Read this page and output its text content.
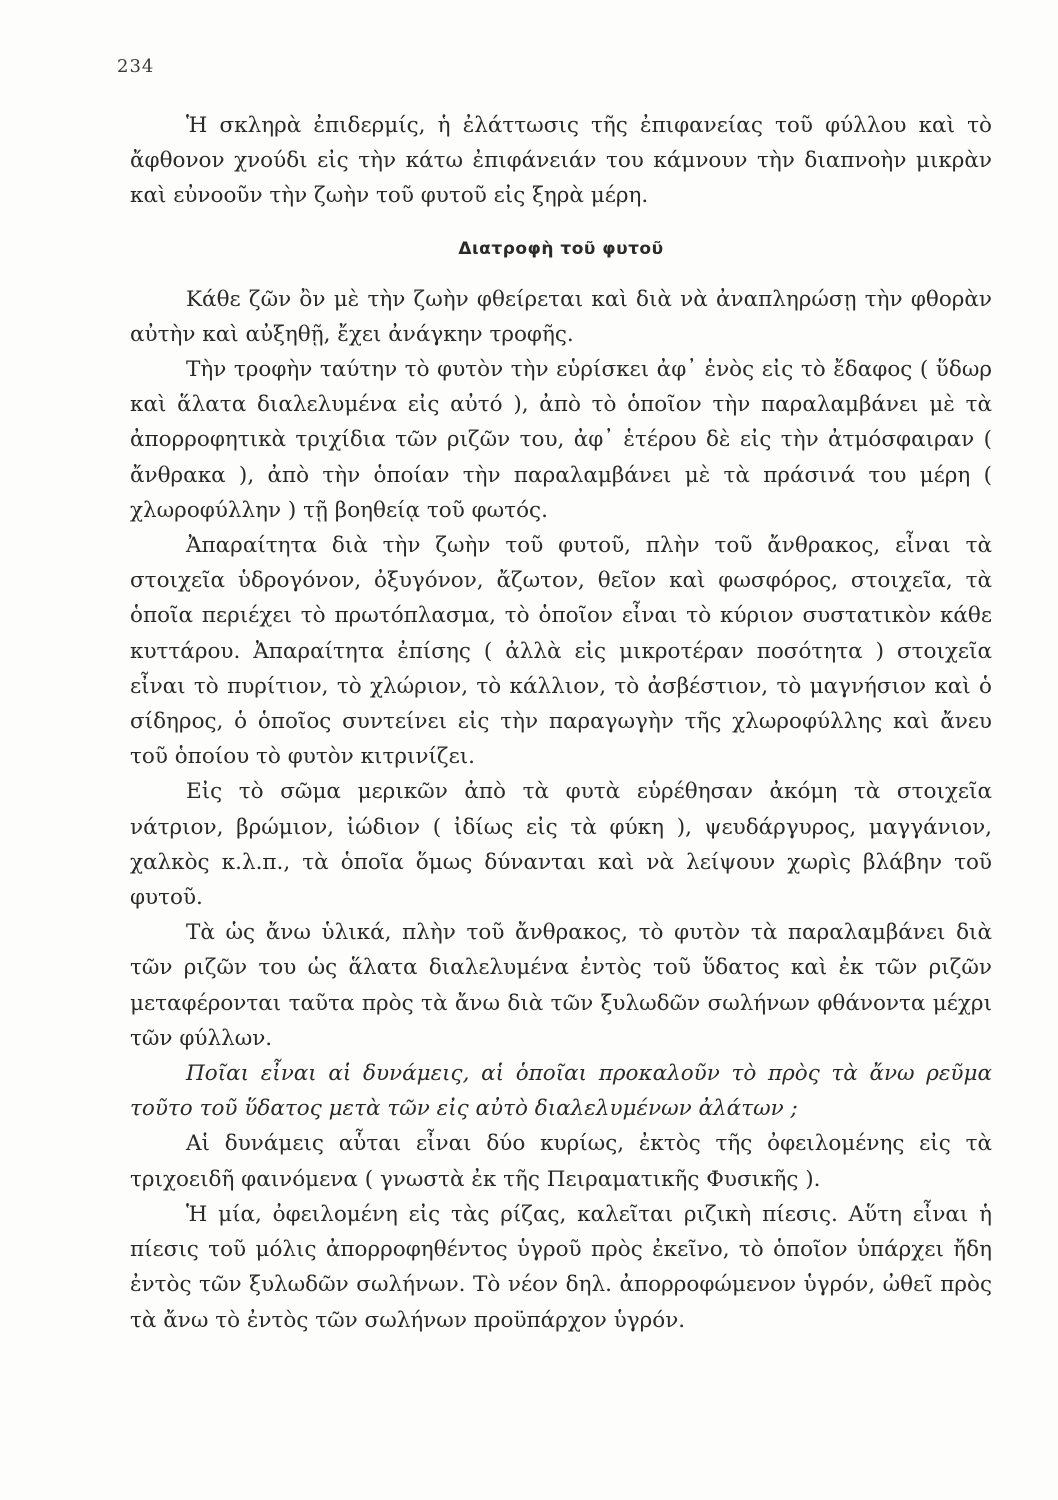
234

Ἡ σκληρὰ ἐπιδερμίς, ἡ ἐλάττωσις τῆς ἐπιφανείας τοῦ φύλλου καὶ τὸ ἄφθονον χνούδι εἰς τὴν κάτω ἐπιφάνειάν του κάμνουν τὴν διαπνοὴν μικρὰν καὶ εὐνοοῦν τὴν ζωὴν τοῦ φυτοῦ εἰς ξηρὰ μέρη.

Διατροφὴ τοῦ φυτοῦ

Κάθε ζῶν ὂν μὲ τὴν ζωὴν φθείρεται καὶ διὰ νὰ ἀναπληρώσῃ τὴν φθορὰν αὐτὴν καὶ αὐξηθῇ, ἔχει ἀνάγκην τροφῆς.

Τὴν τροφὴν ταύτην τὸ φυτὸν τὴν εὑρίσκει ἀφ᾽ ἑνὸς εἰς τὸ ἔδαφος ( ὕδωρ καὶ ἅλατα διαλελυμένα εἰς αὐτό ), ἀπὸ τὸ ὁποῖον τὴν παραλαμβάνει μὲ τὰ ἀπορροφητικὰ τριχίδια τῶν ριζῶν του, ἀφ᾽ ἑτέρου δὲ εἰς τὴν ἀτμόσφαιραν ( ἄνθρακα ), ἀπὸ τὴν ὁποίαν τὴν παραλαμβάνει μὲ τὰ πράσινά του μέρη ( χλωροφύλλην ) τῇ βοηθείᾳ τοῦ φωτός.

Ἀπαραίτητα διὰ τὴν ζωὴν τοῦ φυτοῦ, πλὴν τοῦ ἄνθρακος, εἶναι τὰ στοιχεῖα ὑδρογόνον, ὀξυγόνον, ἄζωτον, θεῖον καὶ φωσφόρος, στοιχεῖα, τὰ ὁποῖα περιέχει τὸ πρωτόπλασμα, τὸ ὁποῖον εἶναι τὸ κύριον συστατικὸν κάθε κυττάρου. Ἀπαραίτητα ἐπίσης ( ἀλλὰ εἰς μικροτέραν ποσότητα ) στοιχεῖα εἶναι τὸ πυρίτιον, τὸ χλώριον, τὸ κάλλιον, τὸ ἀσβέστιον, τὸ μαγνήσιον καὶ ὁ σίδηρος, ὁ ὁποῖος συντείνει εἰς τὴν παραγωγὴν τῆς χλωροφύλλης καὶ ἄνευ τοῦ ὁποίου τὸ φυτὸν κιτρινίζει.

Εἰς τὸ σῶμα μερικῶν ἀπὸ τὰ φυτὰ εὑρέθησαν ἀκόμη τὰ στοιχεῖα νάτριον, βρώμιον, ἰώδιον ( ἰδίως εἰς τὰ φύκη ), ψευδάργυρος, μαγγάνιον, χαλκὸς κ.λ.π., τὰ ὁποῖα ὅμως δύνανται καὶ νὰ λείψουν χωρὶς βλάβην τοῦ φυτοῦ.

Τὰ ὡς ἄνω ὑλικά, πλὴν τοῦ ἄνθρακος, τὸ φυτὸν τὰ παραλαμβάνει διὰ τῶν ριζῶν του ὡς ἅλατα διαλελυμένα ἐντὸς τοῦ ὕδατος καὶ ἐκ τῶν ριζῶν μεταφέρονται ταῦτα πρὸς τὰ ἄνω διὰ τῶν ξυλωδῶν σωλήνων φθάνοντα μέχρι τῶν φύλλων.

Ποῖαι εἶναι αἱ δυνάμεις, αἱ ὁποῖαι προκαλοῦν τὸ πρὸς τὰ ἄνω ρεῦμα τοῦτο τοῦ ὕδατος μετὰ τῶν εἰς αὐτὸ διαλελυμένων ἀλάτων ;

Αἱ δυνάμεις αὗται εἶναι δύο κυρίως, ἐκτὸς τῆς ὀφειλομένης εἰς τὰ τριχοειδῆ φαινόμενα ( γνωστὰ ἐκ τῆς Πειραματικῆς Φυσικῆς ).

Ἡ μία, ὀφειλομένη εἰς τὰς ρίζας, καλεῖται ριζικὴ πίεσις. Αὕτη εἶναι ἡ πίεσις τοῦ μόλις ἀπορροφηθέντος ὑγροῦ πρὸς ἐκεῖνο, τὸ ὁποῖον ὑπάρχει ἤδη ἐντὸς τῶν ξυλωδῶν σωλήνων. Τὸ νέον δηλ. ἀπορροφώμενον ὑγρόν, ὠθεῖ πρὸς τὰ ἄνω τὸ ἐντὸς τῶν σωλήνων προϋπάρχον ὑγρόν.
